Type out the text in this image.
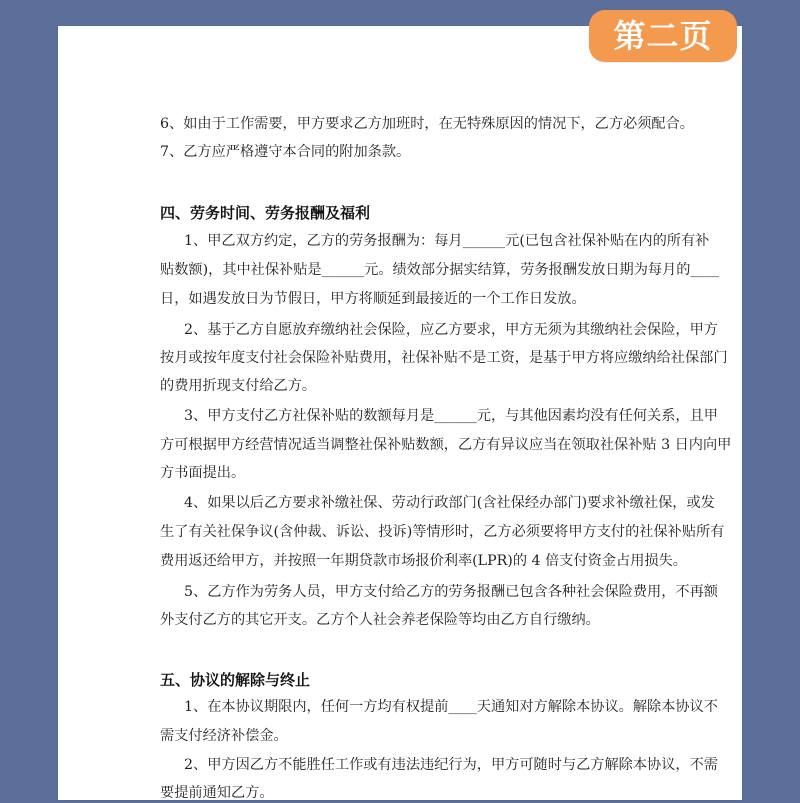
第二页
6、如由于工作需要，甲方要求乙方加班时，在无特殊原因的情况下，乙方必须配合。
7、乙方应严格遵守本合同的附加条款。
四、劳务时间、劳务报酬及福利
1、甲乙双方约定，乙方的劳务报酬为：每月______元(已包含社保补贴在内的所有补
贴数额)，其中社保补贴是______元。绩效部分据实结算，劳务报酬发放日期为每月的____
日，如遇发放日为节假日，甲方将顺延到最接近的一个工作日发放。
2、基于乙方自愿放弃缴纳社会保险，应乙方要求，甲方无须为其缴纳社会保险，甲方
按月或按年度支付社会保险补贴费用，社保补贴不是工资，是基于甲方将应缴纳给社保部门
的费用折现支付给乙方。
3、甲方支付乙方社保补贴的数额每月是______元，与其他因素均没有任何关系，且甲
方可根据甲方经营情况适当调整社保补贴数额，乙方有异议应当在领取社保补贴 3 日内向甲
方书面提出。
4、如果以后乙方要求补缴社保、劳动行政部门(含社保经办部门)要求补缴社保，或发
生了有关社保争议(含仲裁、诉讼、投诉)等情形时，乙方必须要将甲方支付的社保补贴所有
费用返还给甲方，并按照一年期贷款市场报价利率(LPR)的 4 倍支付资金占用损失。
5、乙方作为劳务人员，甲方支付给乙方的劳务报酬已包含各种社会保险费用，不再额
外支付乙方的其它开支。乙方个人社会养老保险等均由乙方自行缴纳。
五、协议的解除与终止
1、在本协议期限内，任何一方均有权提前____天通知对方解除本协议。解除本协议不
需支付经济补偿金。
2、甲方因乙方不能胜任工作或有违法违纪行为，甲方可随时与乙方解除本协议，不需
要提前通知乙方。
